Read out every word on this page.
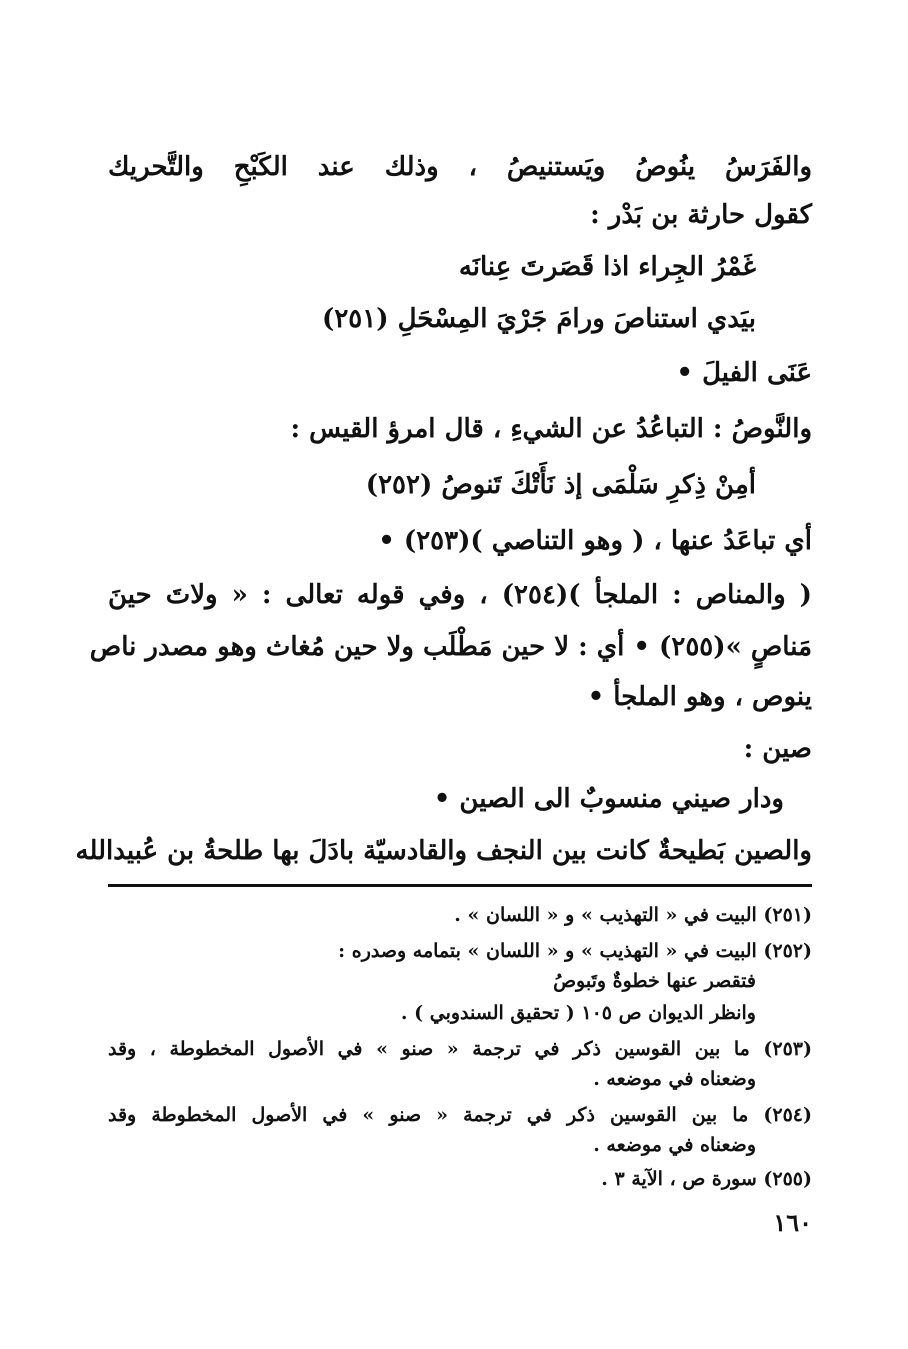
والفَرَسُ ينُوصُ ويَستنيصُ ، وذلك عند الكَبْحِ والتَّحريك
كقول حارثة بن بَدْر :
غَمْرُ الجِراء اذا قَصَرتَ عِنانَه
بيَدي استناصَ ورامَ جَرْيَ المِسْحَلِ (٢٥١)
عَنَى الفيلَ •
والنَّوصُ : التباعُدُ عن الشيءِ ، قال امرؤ القيس :
أمِنْ ذِكرِ سَلْمَى إذ نَأَتْكَ تَنوصُ (٢٥٢)
أي تباعَدُ عنها ، ( وهو التناصي )(٢٥٣) •
( والمناص : الملجأ )(٢٥٤) ، وفي قوله تعالى : « ولاتَ حينَ
مَناصٍ »(٢٥٥) • أي : لا حين مَطْلَب ولا حين مُغاث وهو مصدر ناص
ينوص ، وهو الملجأ •
صين :
ودار صيني منسوبٌ الى الصين •
والصين بَطيحةٌ كانت بين النجف والقادسيّة بادَلَ بها طلحةُ بن عُبيدالله
(٢٥١) البيت في « التهذيب » و « اللسان » .
(٢٥٢) البيت في « التهذيب » و « اللسان » بتمامه وصدره :
فتقصر عنها خطوةٌ وتَبوصُ
وانظر الديوان ص ١٠٥ ( تحقيق السندوبي ) .
(٢٥٣) ما بين القوسين ذكر في ترجمة « صنو » في الأصول المخطوطة ، وقد
وضعناه في موضعه .
(٢٥٤) ما بين القوسين ذكر في ترجمة « صنو » في الأصول المخطوطة وقد
وضعناه في موضعه .
(٢٥٥) سورة ص ، الآية ٣ .
١٦٠
